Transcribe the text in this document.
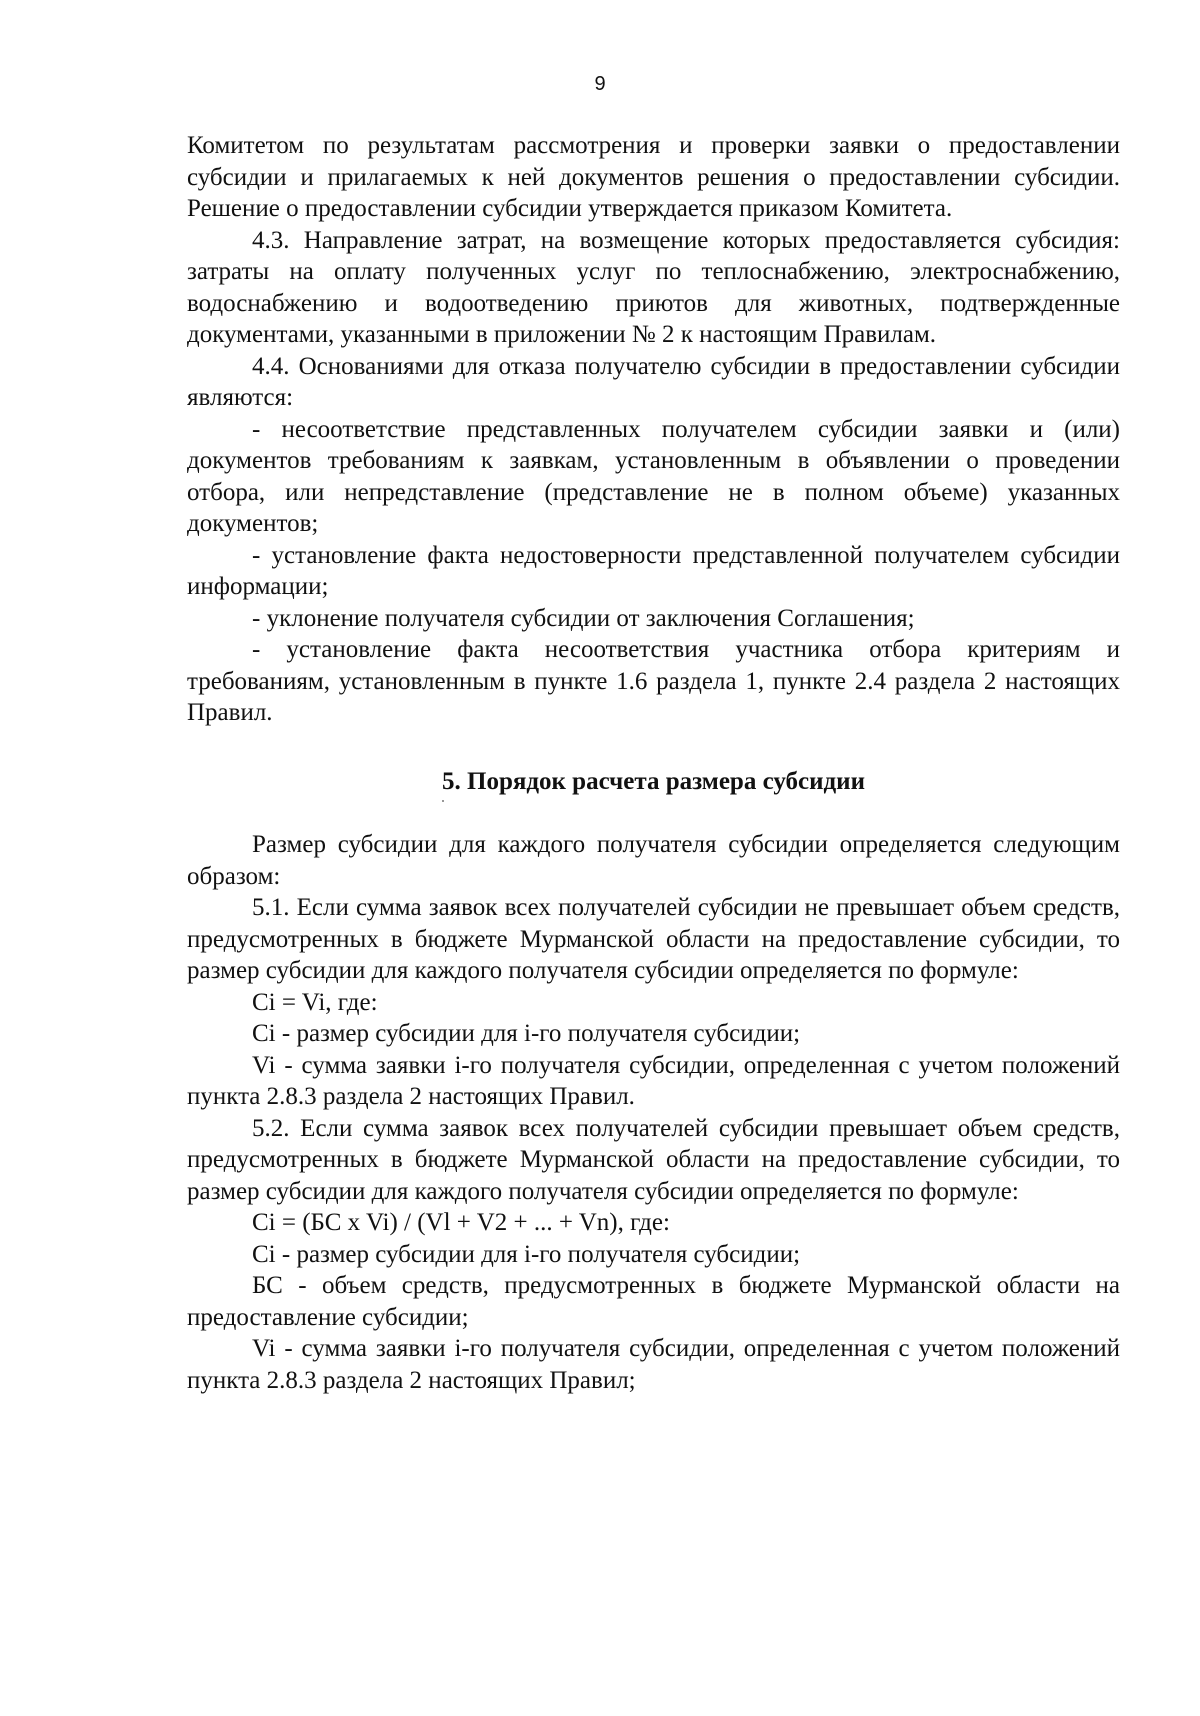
9

Комитетом по результатам рассмотрения и проверки заявки о предоставлении субсидии и прилагаемых к ней документов решения о предоставлении субсидии. Решение о предоставлении субсидии утверждается приказом Комитета.

4.3. Направление затрат, на возмещение которых предоставляется субсидия: затраты на оплату полученных услуг по теплоснабжению, электроснабжению, водоснабжению и водоотведению приютов для животных, подтвержденные документами, указанными в приложении № 2 к настоящим Правилам.

4.4. Основаниями для отказа получателю субсидии в предоставлении субсидии являются:

- несоответствие представленных получателем субсидии заявки и (или) документов требованиям к заявкам, установленным в объявлении о проведении отбора, или непредставление (представление не в полном объеме) указанных документов;

- установление факта недостоверности представленной получателем субсидии информации;

- уклонение получателя субсидии от заключения Соглашения;

- установление факта несоответствия участника отбора критериям и требованиям, установленным в пункте 1.6 раздела 1, пункте 2.4 раздела 2 настоящих Правил.

5. Порядок расчета размера субсидии

Размер субсидии для каждого получателя субсидии определяется следующим образом:

5.1. Если сумма заявок всех получателей субсидии не превышает объем средств, предусмотренных в бюджете Мурманской области на предоставление субсидии, то размер субсидии для каждого получателя субсидии определяется по формуле:

Ci = Vi, где:

Ci - размер субсидии для i-го получателя субсидии;

Vi - сумма заявки i-го получателя субсидии, определенная с учетом положений пункта 2.8.3 раздела 2 настоящих Правил.

5.2. Если сумма заявок всех получателей субсидии превышает объем средств, предусмотренных в бюджете Мурманской области на предоставление субсидии, то размер субсидии для каждого получателя субсидии определяется по формуле:

Ci = (БС x Vi) / (Vl + V2 + ... + Vn), где:

Ci - размер субсидии для i-го получателя субсидии;

БС - объем средств, предусмотренных в бюджете Мурманской области на предоставление субсидии;

Vi - сумма заявки i-го получателя субсидии, определенная с учетом положений пункта 2.8.3 раздела 2 настоящих Правил;
